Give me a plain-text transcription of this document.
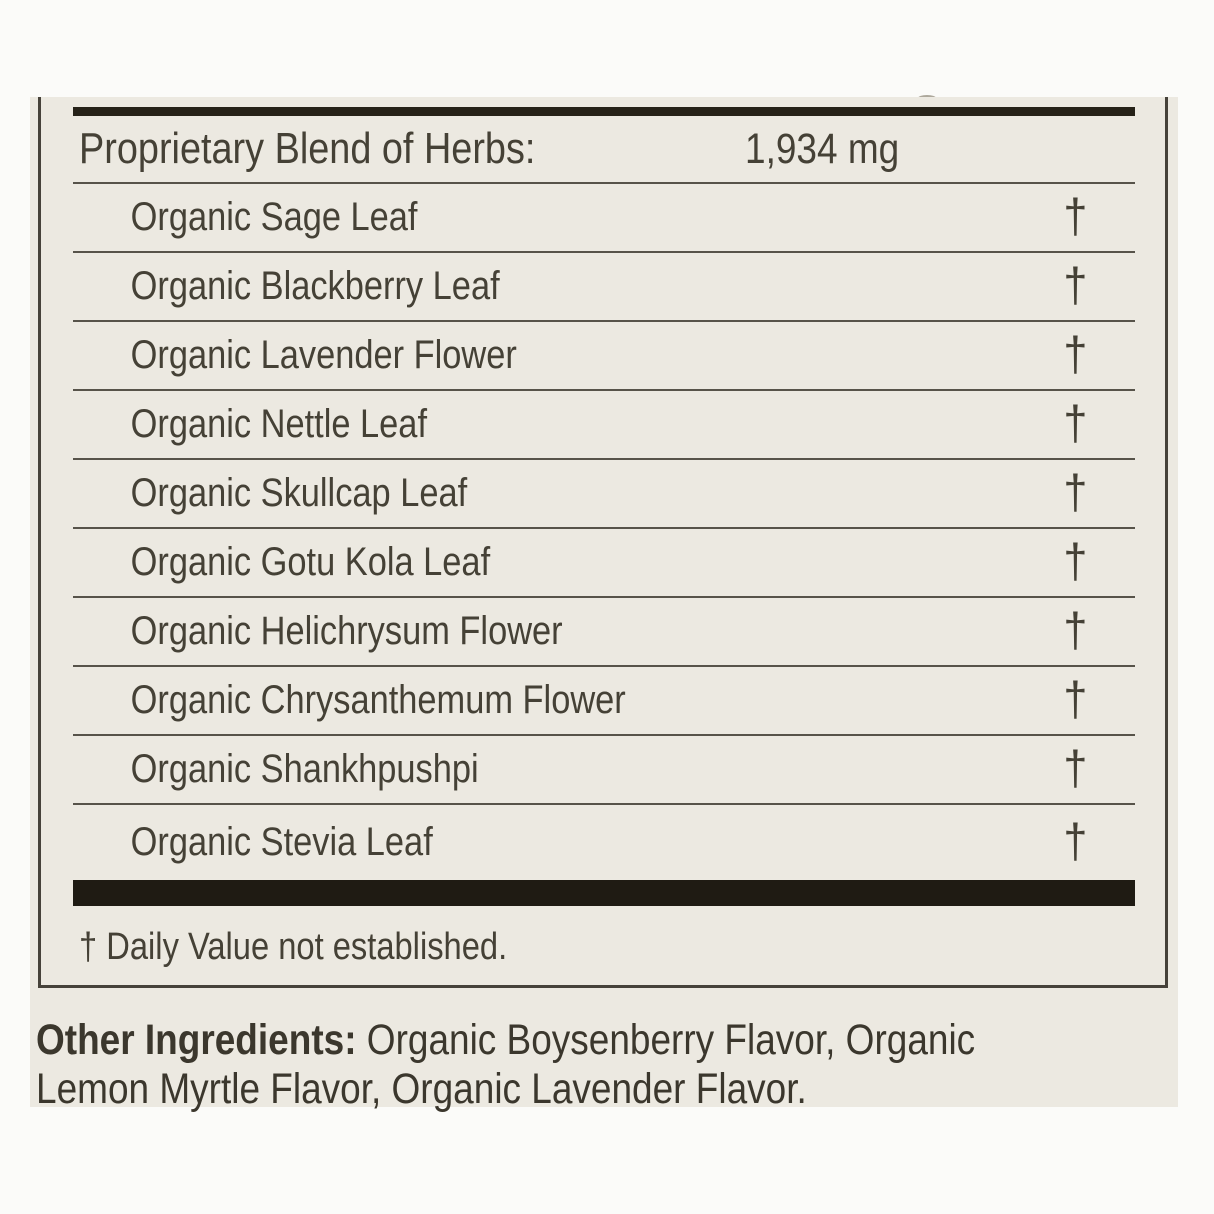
Proprietary Blend of Herbs:	1,934 mg
Organic Sage Leaf	†
Organic Blackberry Leaf	†
Organic Lavender Flower	†
Organic Nettle Leaf	†
Organic Skullcap Leaf	†
Organic Gotu Kola Leaf	†
Organic Helichrysum Flower	†
Organic Chrysanthemum Flower	†
Organic Shankhpushpi	†
Organic Stevia Leaf	†
† Daily Value not established.
Other Ingredients: Organic Boysenberry Flavor, Organic
Lemon Myrtle Flavor, Organic Lavender Flavor.
